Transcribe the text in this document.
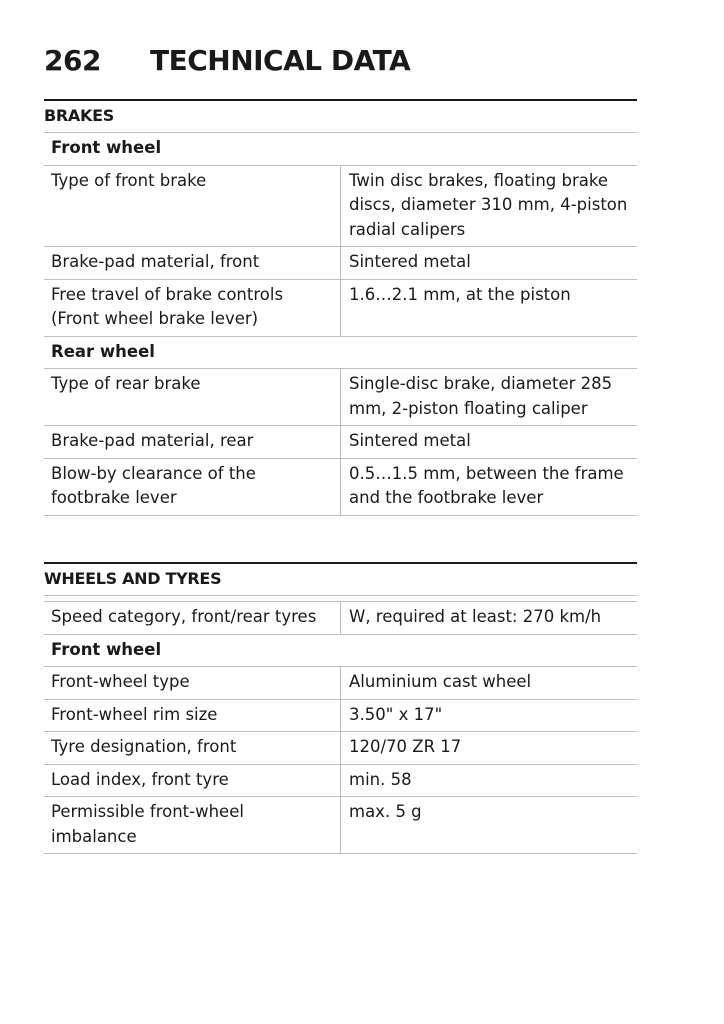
262	TECHNICAL DATA
BRAKES
Front wheel	
Type of front brake	Twin disc brakes, floating brake discs, diameter 310 mm, 4-piston radial calipers
Brake-pad material, front	Sintered metal
Free travel of brake controls (Front wheel brake lever)	1.6…2.1 mm, at the piston
Rear wheel	
Type of rear brake	Single-disc brake, diameter 285 mm, 2-piston floating caliper
Brake-pad material, rear	Sintered metal
Blow-by clearance of the footbrake lever	0.5…1.5 mm, between the frame and the footbrake lever
WHEELS AND TYRES
Speed category, front/rear tyres	W, required at least: 270 km/h
Front wheel	
Front-wheel type	Aluminium cast wheel
Front-wheel rim size	3.50" x 17"
Tyre designation, front	120/70 ZR 17
Load index, front tyre	min. 58
Permissible front-wheel imbalance	max. 5 g
